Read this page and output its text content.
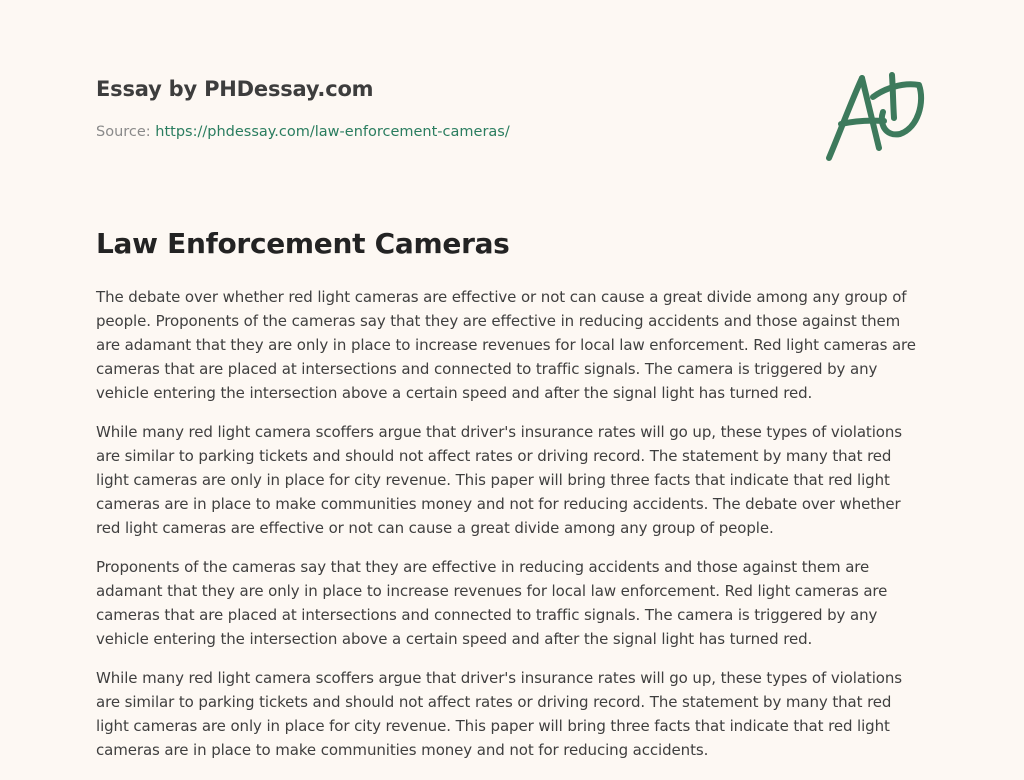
Essay by PHDessay.com
Source: https://phdessay.com/law-enforcement-cameras/
Law Enforcement Cameras

The debate over whether red light cameras are effective or not can cause a great divide among any group of people. Proponents of the cameras say that they are effective in reducing accidents and those against them are adamant that they are only in place to increase revenues for local law enforcement. Red light cameras are cameras that are placed at intersections and connected to traffic signals. The camera is triggered by any vehicle entering the intersection above a certain speed and after the signal light has turned red.

While many red light camera scoffers argue that driver's insurance rates will go up, these types of violations are similar to parking tickets and should not affect rates or driving record. The statement by many that red light cameras are only in place for city revenue. This paper will bring three facts that indicate that red light cameras are in place to make communities money and not for reducing accidents. The debate over whether red light cameras are effective or not can cause a great divide among any group of people.

Proponents of the cameras say that they are effective in reducing accidents and those against them are adamant that they are only in place to increase revenues for local law enforcement. Red light cameras are cameras that are placed at intersections and connected to traffic signals. The camera is triggered by any vehicle entering the intersection above a certain speed and after the signal light has turned red.

While many red light camera scoffers argue that driver's insurance rates will go up, these types of violations are similar to parking tickets and should not affect rates or driving record. The statement by many that red light cameras are only in place for city revenue. This paper will bring three facts that indicate that red light cameras are in place to make communities money and not for reducing accidents.
